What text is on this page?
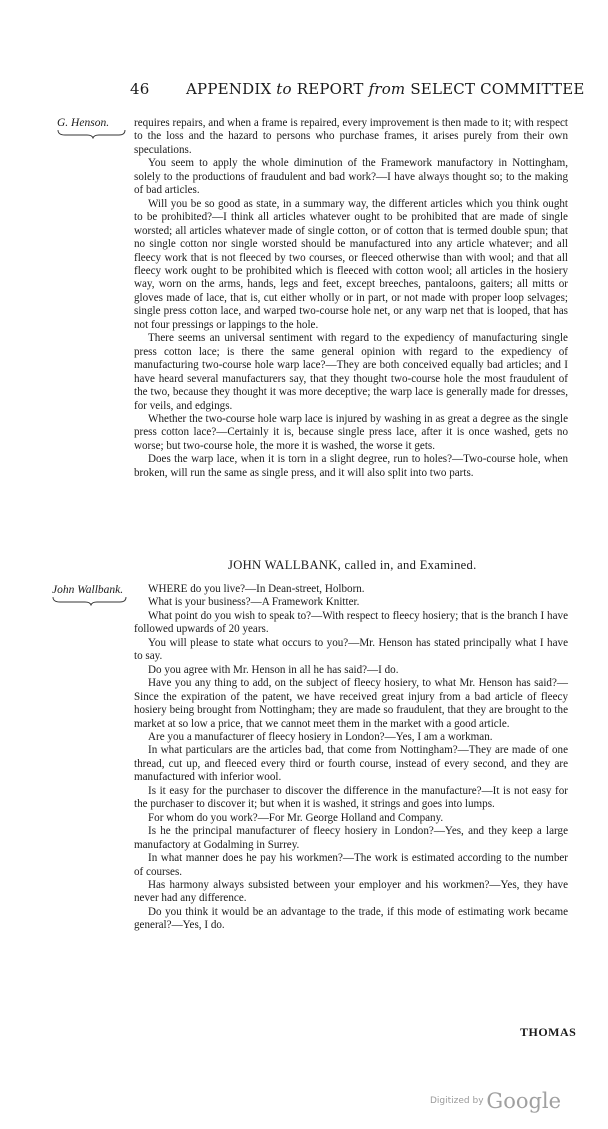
46 APPENDIX to REPORT from SELECT COMMITTEE
G. Henson.	requires repairs, and when a frame is repaired, every improvement is then made to it; with respect to the loss and the hazard to persons who purchase frames, it arises purely from their own speculations.

You seem to apply the whole diminution of the Framework manufactory in Nottingham, solely to the productions of fraudulent and bad work?—I have always thought so; to the making of bad articles.

Will you be so good as state, in a summary way, the different articles which you think ought to be prohibited?—I think all articles whatever ought to be prohibited that are made of single worsted; all articles whatever made of single cotton, or of cotton that is termed double spun; that no single cotton nor single worsted should be manufactured into any article whatever; and all fleecy work that is not fleeced by two courses, or fleeced otherwise than with wool; and that all fleecy work ought to be prohibited which is fleeced with cotton wool; all articles in the hosiery way, worn on the arms, hands, legs and feet, except breeches, pantaloons, gaiters; all mitts or gloves made of lace, that is, cut either wholly or in part, or not made with proper loop selvages; single press cotton lace, and warped two-course hole net, or any warp net that is looped, that has not four pressings or lappings to the hole.

There seems an universal sentiment with regard to the expediency of manufacturing single press cotton lace; is there the same general opinion with regard to the expediency of manufacturing two-course hole warp lace?—They are both conceived equally bad articles; and I have heard several manufacturers say, that they thought two-course hole the most fraudulent of the two, because they thought it was more deceptive; the warp lace is generally made for dresses, for veils, and edgings.

Whether the two-course hole warp lace is injured by washing in as great a degree as the single press cotton lace?—Certainly it is, because single press lace, after it is once washed, gets no worse; but two-course hole, the more it is washed, the worse it gets.

Does the warp lace, when it is torn in a slight degree, run to holes?—Two-course hole, when broken, will run the same as single press, and it will also split into two parts.

JOHN WALLBANK, called in, and Examined.
John Wallbank.	WHERE do you live?—In Dean-street, Holborn.

What is your business?—A Framework Knitter.

What point do you wish to speak to?—With respect to fleecy hosiery; that is the branch I have followed upwards of 20 years.

You will please to state what occurs to you?—Mr. Henson has stated principally what I have to say.

Do you agree with Mr. Henson in all he has said?—I do.

Have you any thing to add, on the subject of fleecy hosiery, to what Mr. Henson has said?—Since the expiration of the patent, we have received great injury from a bad article of fleecy hosiery being brought from Nottingham; they are made so fraudulent, that they are brought to the market at so low a price, that we cannot meet them in the market with a good article.

Are you a manufacturer of fleecy hosiery in London?—Yes, I am a workman.

In what particulars are the articles bad, that come from Nottingham?—They are made of one thread, cut up, and fleeced every third or fourth course, instead of every second, and they are manufactured with inferior wool.

Is it easy for the purchaser to discover the difference in the manufacture?—It is not easy for the purchaser to discover it; but when it is washed, it strings and goes into lumps.

For whom do you work?—For Mr. George Holland and Company.

Is he the principal manufacturer of fleecy hosiery in London?—Yes, and they keep a large manufactory at Godalming in Surrey.

In what manner does he pay his workmen?—The work is estimated according to the number of courses.

Has harmony always subsisted between your employer and his workmen?—Yes, they have never had any difference.

Do you think it would be an advantage to the trade, if this mode of estimating work became general?—Yes, I do.

THOMAS
Digitized by Google
